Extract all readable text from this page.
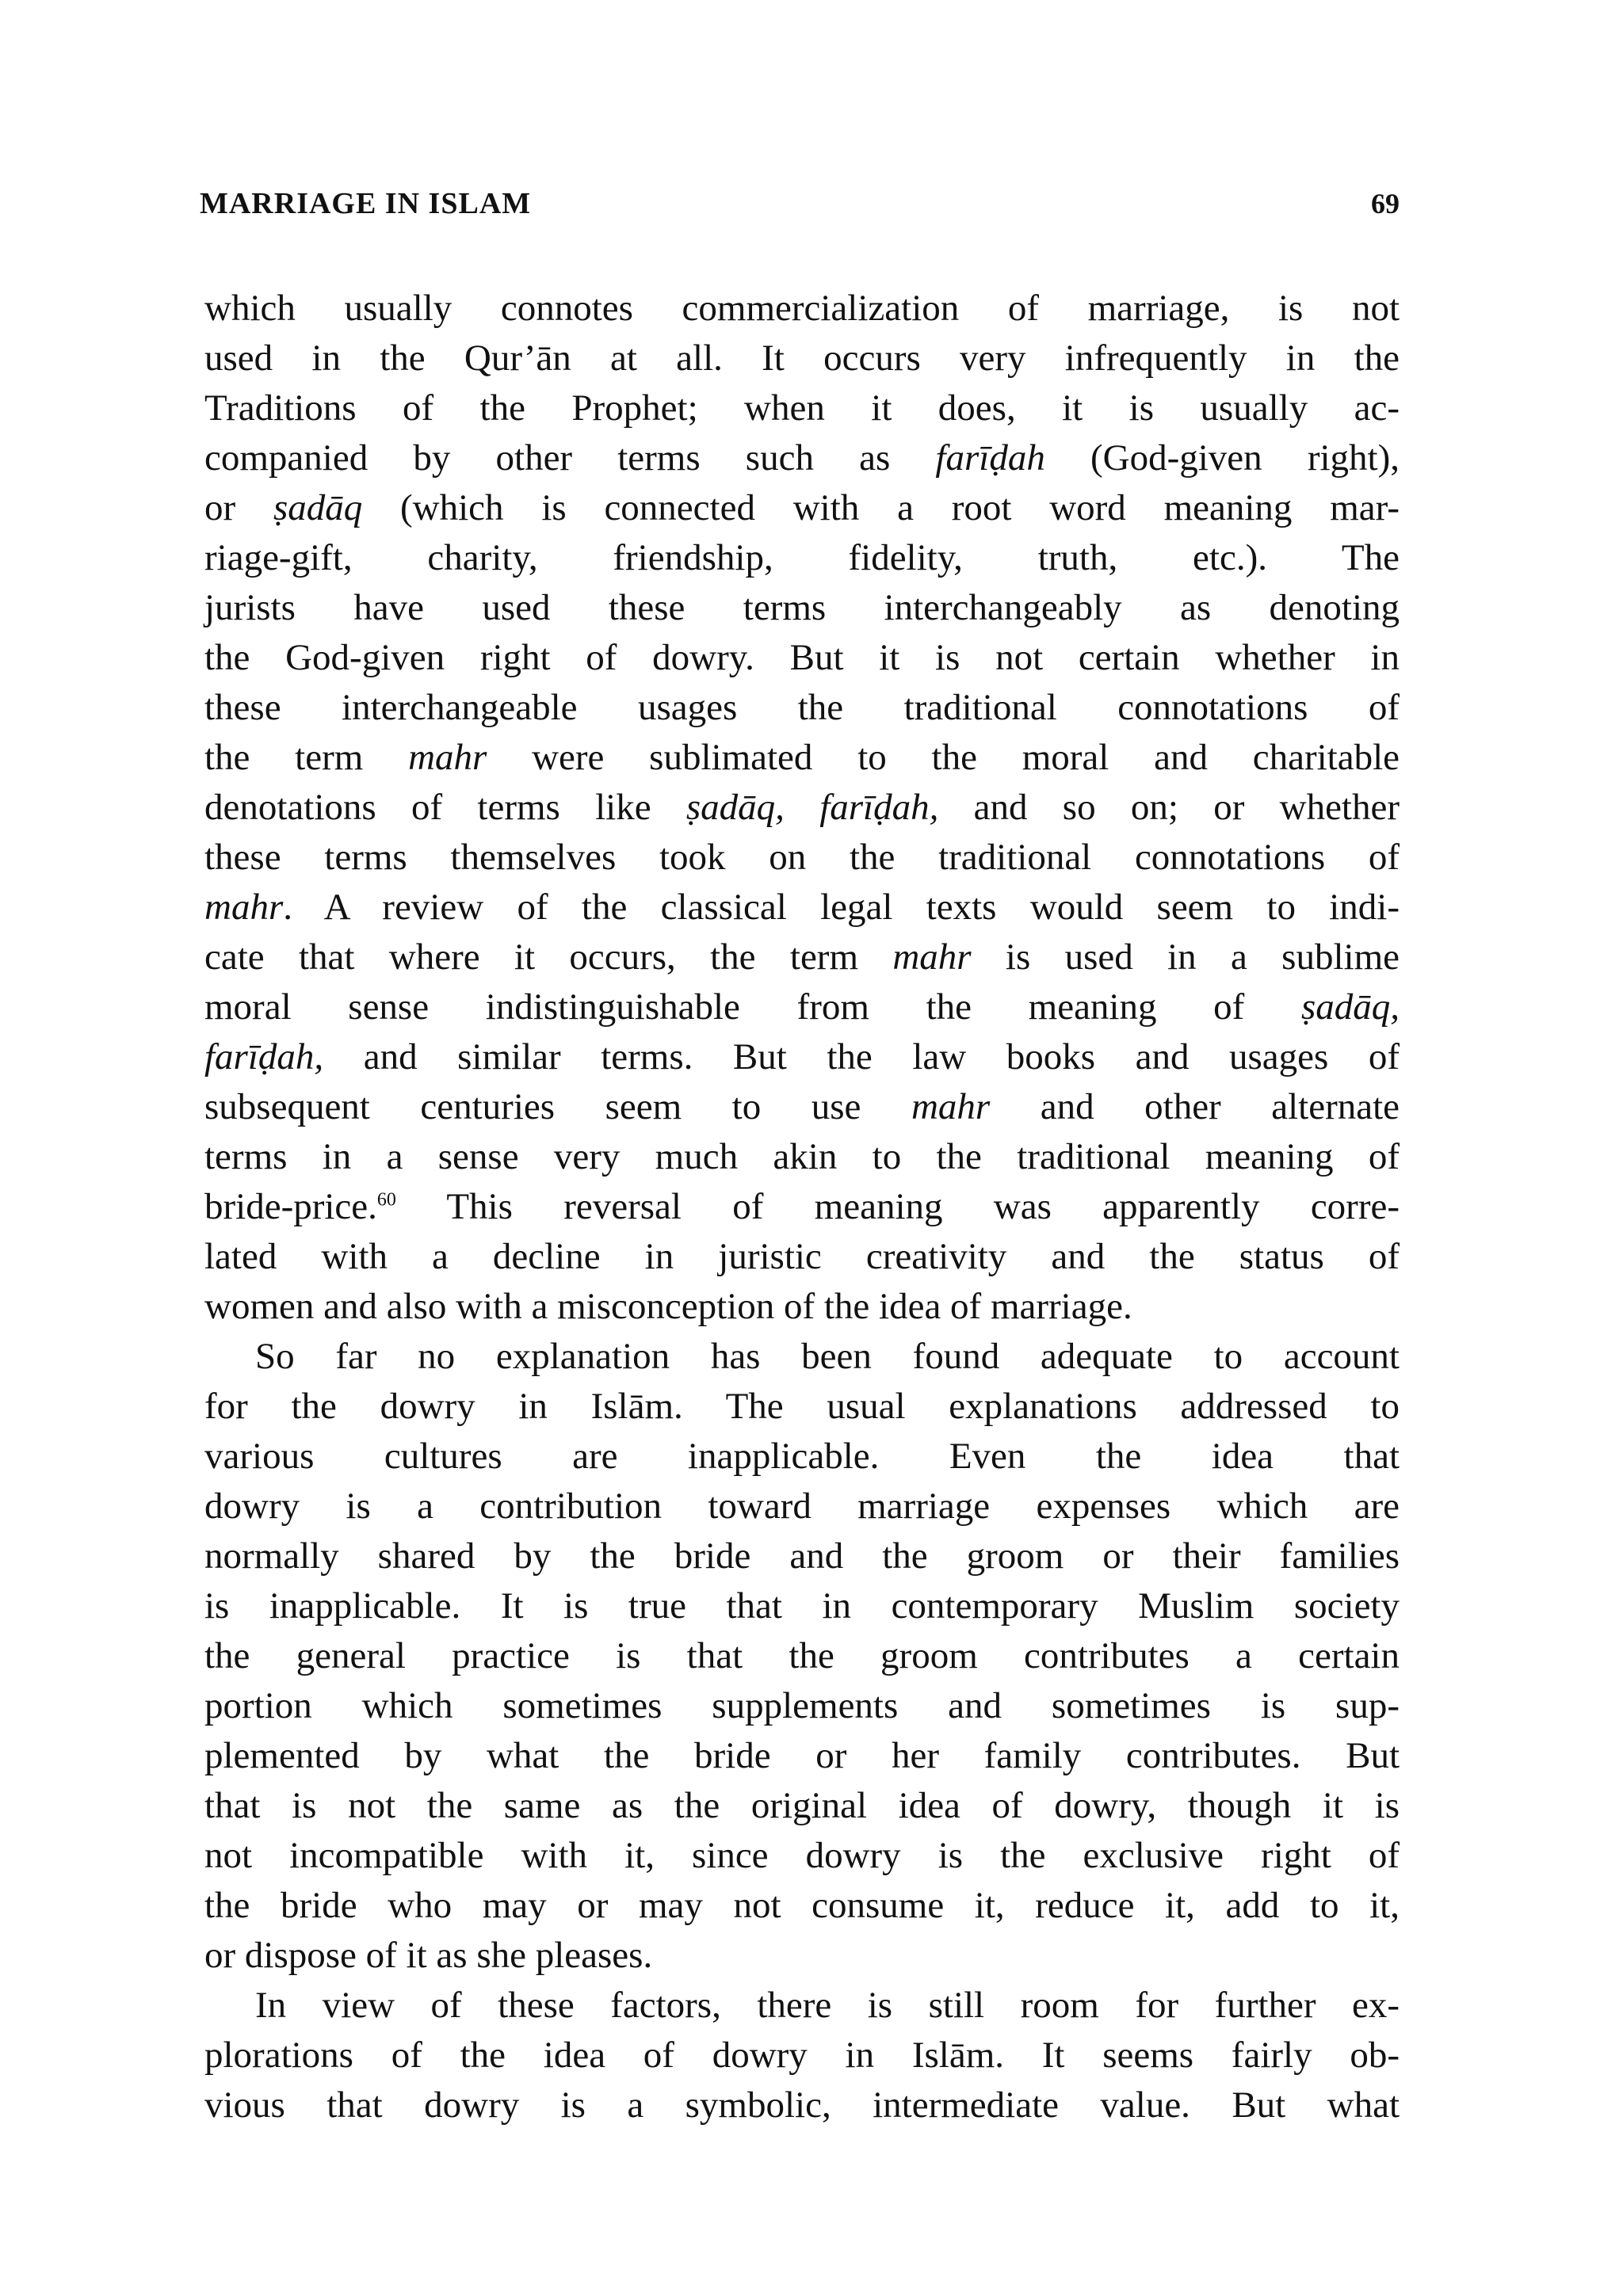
MARRIAGE IN ISLAM	69
which usually connotes commercialization of marriage, is not
used in the Qur’ān at all. It occurs very infrequently in the
Traditions of the Prophet; when it does, it is usually ac-
companied by other terms such as farīḍah (God-given right),
or ṣadāq (which is connected with a root word meaning mar-
riage-gift, charity, friendship, fidelity, truth, etc.). The
jurists have used these terms interchangeably as denoting
the God-given right of dowry. But it is not certain whether in
these interchangeable usages the traditional connotations of
the term mahr were sublimated to the moral and charitable
denotations of terms like ṣadāq, farīḍah, and so on; or whether
these terms themselves took on the traditional connotations of
mahr. A review of the classical legal texts would seem to indi-
cate that where it occurs, the term mahr is used in a sublime
moral sense indistinguishable from the meaning of ṣadāq,
farīḍah, and similar terms. But the law books and usages of
subsequent centuries seem to use mahr and other alternate
terms in a sense very much akin to the traditional meaning of
bride-price.$^{60}$ This reversal of meaning was apparently corre-
lated with a decline in juristic creativity and the status of
women and also with a misconception of the idea of marriage.
So far no explanation has been found adequate to account
for the dowry in Islām. The usual explanations addressed to
various cultures are inapplicable. Even the idea that
dowry is a contribution toward marriage expenses which are
normally shared by the bride and the groom or their families
is inapplicable. It is true that in contemporary Muslim society
the general practice is that the groom contributes a certain
portion which sometimes supplements and sometimes is sup-
plemented by what the bride or her family contributes. But
that is not the same as the original idea of dowry, though it is
not incompatible with it, since dowry is the exclusive right of
the bride who may or may not consume it, reduce it, add to it,
or dispose of it as she pleases.
In view of these factors, there is still room for further ex-
plorations of the idea of dowry in Islām. It seems fairly ob-
vious that dowry is a symbolic, intermediate value. But what
